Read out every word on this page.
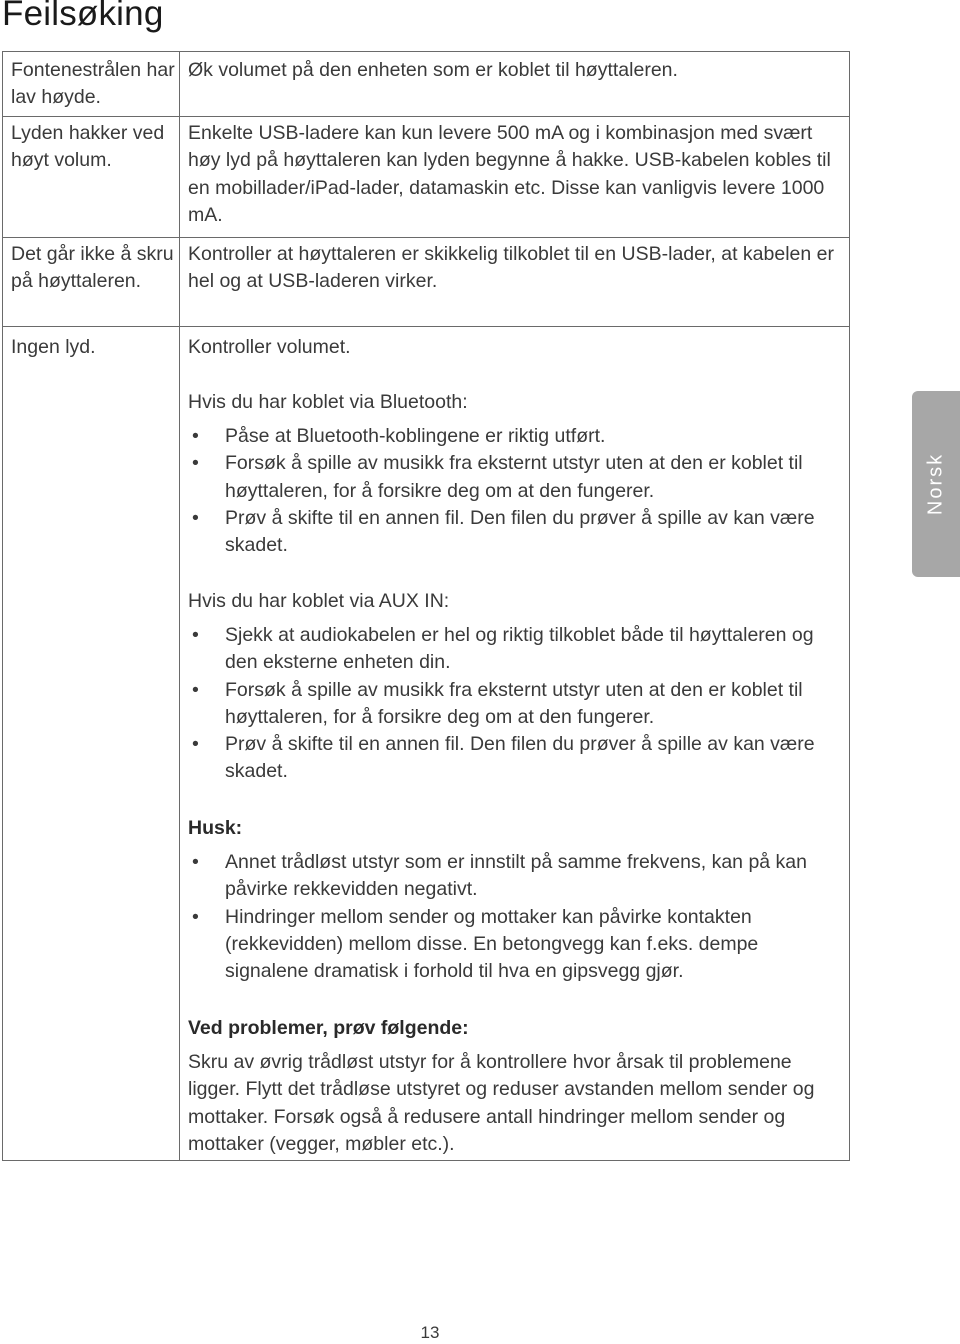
Feilsøking

Fontenestrålen har lav høyde.

Øk volumet på den enheten som er koblet til høyttaleren.

Lyden hakker ved høyt volum.

Enkelte USB-ladere kan kun levere 500 mA og i kombinasjon med svært høy lyd på høyttaleren kan lyden begynne å hakke. USB-kabelen kobles til en mobillader/iPad-lader, datamaskin etc. Disse kan vanligvis levere 1000 mA.

Det går ikke å skru på høyttaleren.

Kontroller at høyttaleren er skikkelig tilkoblet til en USB-lader, at kabelen er hel og at USB-laderen virker.

Ingen lyd.	Kontroller volumet.

Hvis du har koblet via Bluetooth:

• Påse at Bluetooth-koblingene er riktig utført.
• Forsøk å spille av musikk fra eksternt utstyr uten at den er koblet til høyttaleren, for å forsikre deg om at den fungerer.
• Prøv å skifte til en annen fil. Den filen du prøver å spille av kan være skadet.

Hvis du har koblet via AUX IN:

• Sjekk at audiokabelen er hel og riktig tilkoblet både til høyttaleren og den eksterne enheten din.
• Forsøk å spille av musikk fra eksternt utstyr uten at den er koblet til høyttaleren, for å forsikre deg om at den fungerer.
• Prøv å skifte til en annen fil. Den filen du prøver å spille av kan være skadet.

Husk:

• Annet trådløst utstyr som er innstilt på samme frekvens, kan på kan påvirke rekkevidden negativt.
• Hindringer mellom sender og mottaker kan påvirke kontakten (rekkevidden) mellom disse. En betongvegg kan f.eks. dempe signalene dramatisk i forhold til hva en gipsvegg gjør.

Ved problemer, prøv følgende:

Skru av øvrig trådløst utstyr for å kontrollere hvor årsak til problemene ligger. Flytt det trådløse utstyret og reduser avstanden mellom sender og mottaker. Forsøk også å redusere antall hindringer mellom sender og mottaker (vegger, møbler etc.).

Norsk
13
